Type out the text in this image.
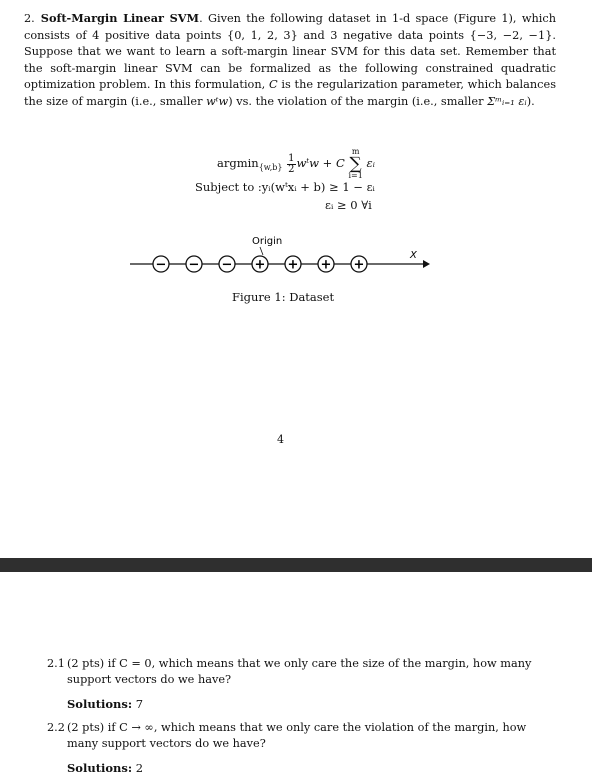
2. Soft-Margin Linear SVM. Given the following dataset in 1-d space (Figure 1), which consists of 4 positive data points {0, 1, 2, 3} and 3 negative data points {−3, −2, −1}. Suppose that we want to learn a soft-margin linear SVM for this data set. Remember that the soft-margin linear SVM can be formalized as the following constrained quadratic optimization problem. In this formulation, C is the regularization parameter, which balances the size of margin (i.e., smaller wᵗw) vs. the violation of the margin (i.e., smaller Σᵐᵢ₌₁ εᵢ).
$argmin_{\{w,b\}} \frac{1}{2}$ wᵗw + C m
∑
i=1 εᵢ
Subject to :yᵢ(wᵗxᵢ + b) ≥ 1 − εᵢ
εᵢ ≥ 0 ∀i
X
Origin
− − − + + + +
Figure 1: Dataset
4
2.1 (2 pts) if C = 0, which means that we only care the size of the margin, how many support vectors do we have?
Solutions: 7
2.2 (2 pts) if C → ∞, which means that we only care the violation of the margin, how many support vectors do we have?
Solutions: 2
